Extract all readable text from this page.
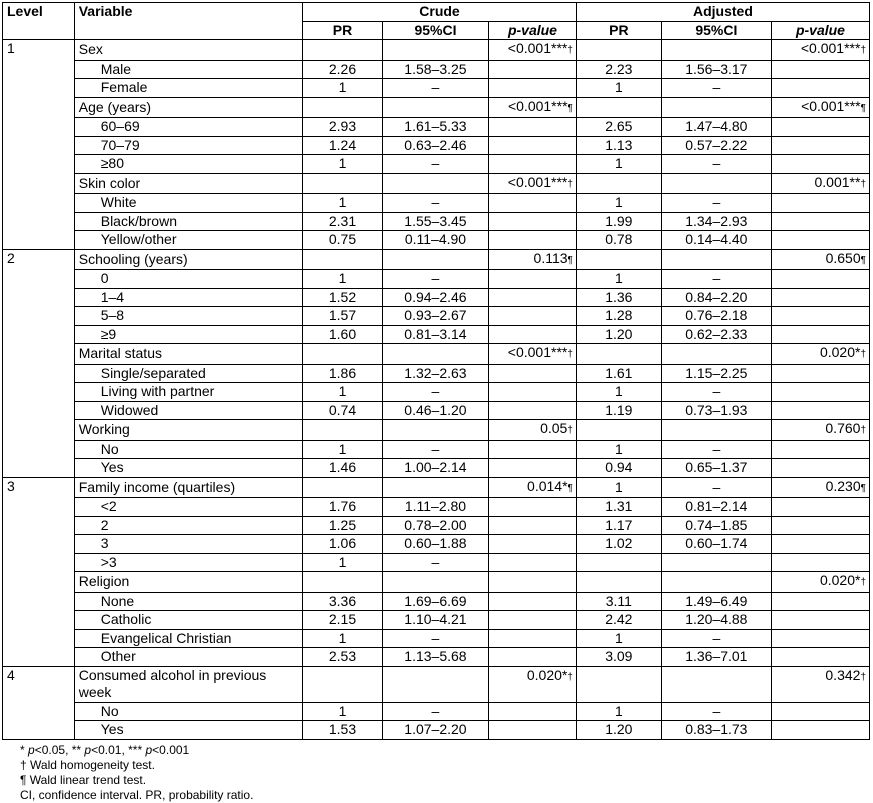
Level	Variable	Crude			Adjusted		
		PR	95%CI	p-value	PR	95%CI	p-value
1	Sex			<0.001***†			<0.001***†
	Male	2.26	1.58–3.25		2.23	1.56–3.17	
	Female	1	–		1	–	
	Age (years)			<0.001***¶			<0.001***¶
	60–69	2.93	1.61–5.33		2.65	1.47–4.80	
	70–79	1.24	0.63–2.46		1.13	0.57–2.22	
	≥80	1	–		1	–	
	Skin color			<0.001***†			0.001**†
	White	1	–		1	–	
	Black/brown	2.31	1.55–3.45		1.99	1.34–2.93	
	Yellow/other	0.75	0.11–4.90		0.78	0.14–4.40	
2	Schooling (years)			0.113¶			0.650¶
	0	1	–		1	–	
	1–4	1.52	0.94–2.46		1.36	0.84–2.20	
	5–8	1.57	0.93–2.67		1.28	0.76–2.18	
	≥9	1.60	0.81–3.14		1.20	0.62–2.33	
	Marital status			<0.001***†			0.020*†
	Single/separated	1.86	1.32–2.63		1.61	1.15–2.25	
	Living with partner	1	–		1	–	
	Widowed	0.74	0.46–1.20		1.19	0.73–1.93	
	Working			0.05†			0.760†
	No	1	–		1	–	
	Yes	1.46	1.00–2.14		0.94	0.65–1.37	
3	Family income (quartiles)			0.014*¶	1	–	0.230¶
	<2	1.76	1.11–2.80		1.31	0.81–2.14	
	2	1.25	0.78–2.00		1.17	0.74–1.85	
	3	1.06	0.60–1.88		1.02	0.60–1.74	
	>3	1	–				
	Religion						0.020*†
	None	3.36	1.69–6.69		3.11	1.49–6.49	
	Catholic	2.15	1.10–4.21		2.42	1.20–4.88	
	Evangelical Christian	1	–		1	–	
	Other	2.53	1.13–5.68		3.09	1.36–7.01	
4	Consumed alcohol in previous week			0.020*†			0.342†
	No	1	–		1	–	
	Yes	1.53	1.07–2.20		1.20	0.83–1.73	
* p<0.05, ** p<0.01, *** p<0.001
† Wald homogeneity test.
¶ Wald linear trend test.
CI, confidence interval. PR, probability ratio.
